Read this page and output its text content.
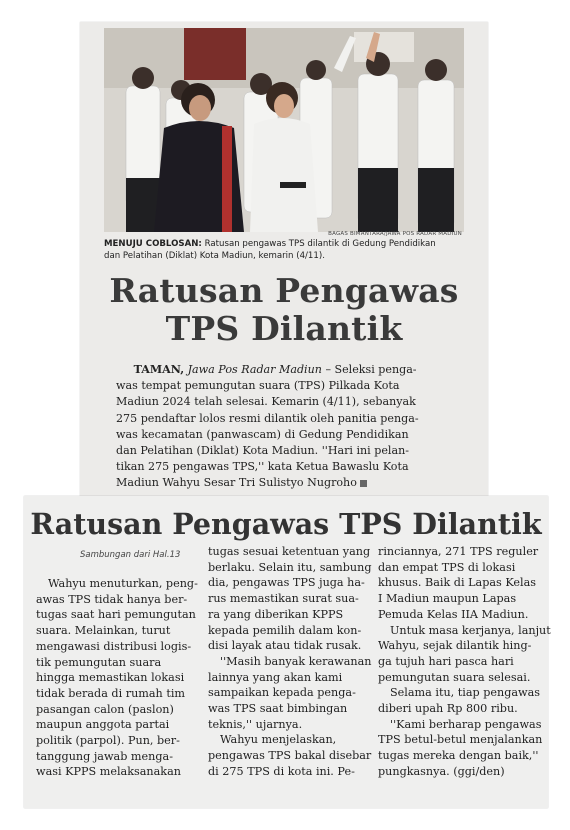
BAGAS BIMANTARA/JAWA POS RADAR MADIUN
MENUJU COBLOSAN: Ratusan pengawas TPS dilantik di Gedung Pendidikan
dan Pelatihan (Diklat) Kota Madiun, kemarin (4/11).
Ratusan Pengawas
TPS Dilantik
TAMAN, Jawa Pos Radar Madiun – Seleksi penga-
was tempat pemungutan suara (TPS) Pilkada Kota
Madiun 2024 telah selesai. Kemarin (4/11), sebanyak
275 pendaftar lolos resmi dilantik oleh panitia penga-
was kecamatan (panwascam) di Gedung Pendidikan
dan Pelatihan (Diklat) Kota Madiun. ''Hari ini pelan-
tikan 275 pengawas TPS,'' kata Ketua Bawaslu Kota
Madiun Wahyu Sesar Tri Sulistyo Nugroho
Ratusan Pengawas TPS Dilantik
Sambungan dari Hal.13
Wahyu menuturkan, peng-
awas TPS tidak hanya ber-
tugas saat hari pemungutan
suara. Melainkan, turut
mengawasi distribusi logis-
tik pemungutan suara
hingga memastikan lokasi
tidak berada di rumah tim
pasangan calon (paslon)
maupun anggota partai
politik (parpol). Pun, ber-
tanggung jawab menga-
wasi KPPS melaksanakan
tugas sesuai ketentuan yang
berlaku. Selain itu, sambung
dia, pengawas TPS juga ha-
rus memastikan surat sua-
ra yang diberikan KPPS
kepada pemilih dalam kon-
disi layak atau tidak rusak.
''Masih banyak kerawanan
lainnya yang akan kami
sampaikan kepada penga-
was TPS saat bimbingan
teknis,'' ujarnya.
Wahyu menjelaskan,
pengawas TPS bakal disebar
di 275 TPS di kota ini. Pe-
rinciannya, 271 TPS reguler
dan empat TPS di lokasi
khusus. Baik di Lapas Kelas
I Madiun maupun Lapas
Pemuda Kelas IIA Madiun.
Untuk masa kerjanya, lanjut
Wahyu, sejak dilantik hing-
ga tujuh hari pasca hari
pemungutan suara selesai.
Selama itu, tiap pengawas
diberi upah Rp 800 ribu.
''Kami berharap pengawas
TPS betul-betul menjalankan
tugas mereka dengan baik,''
pungkasnya. (ggi/den)
